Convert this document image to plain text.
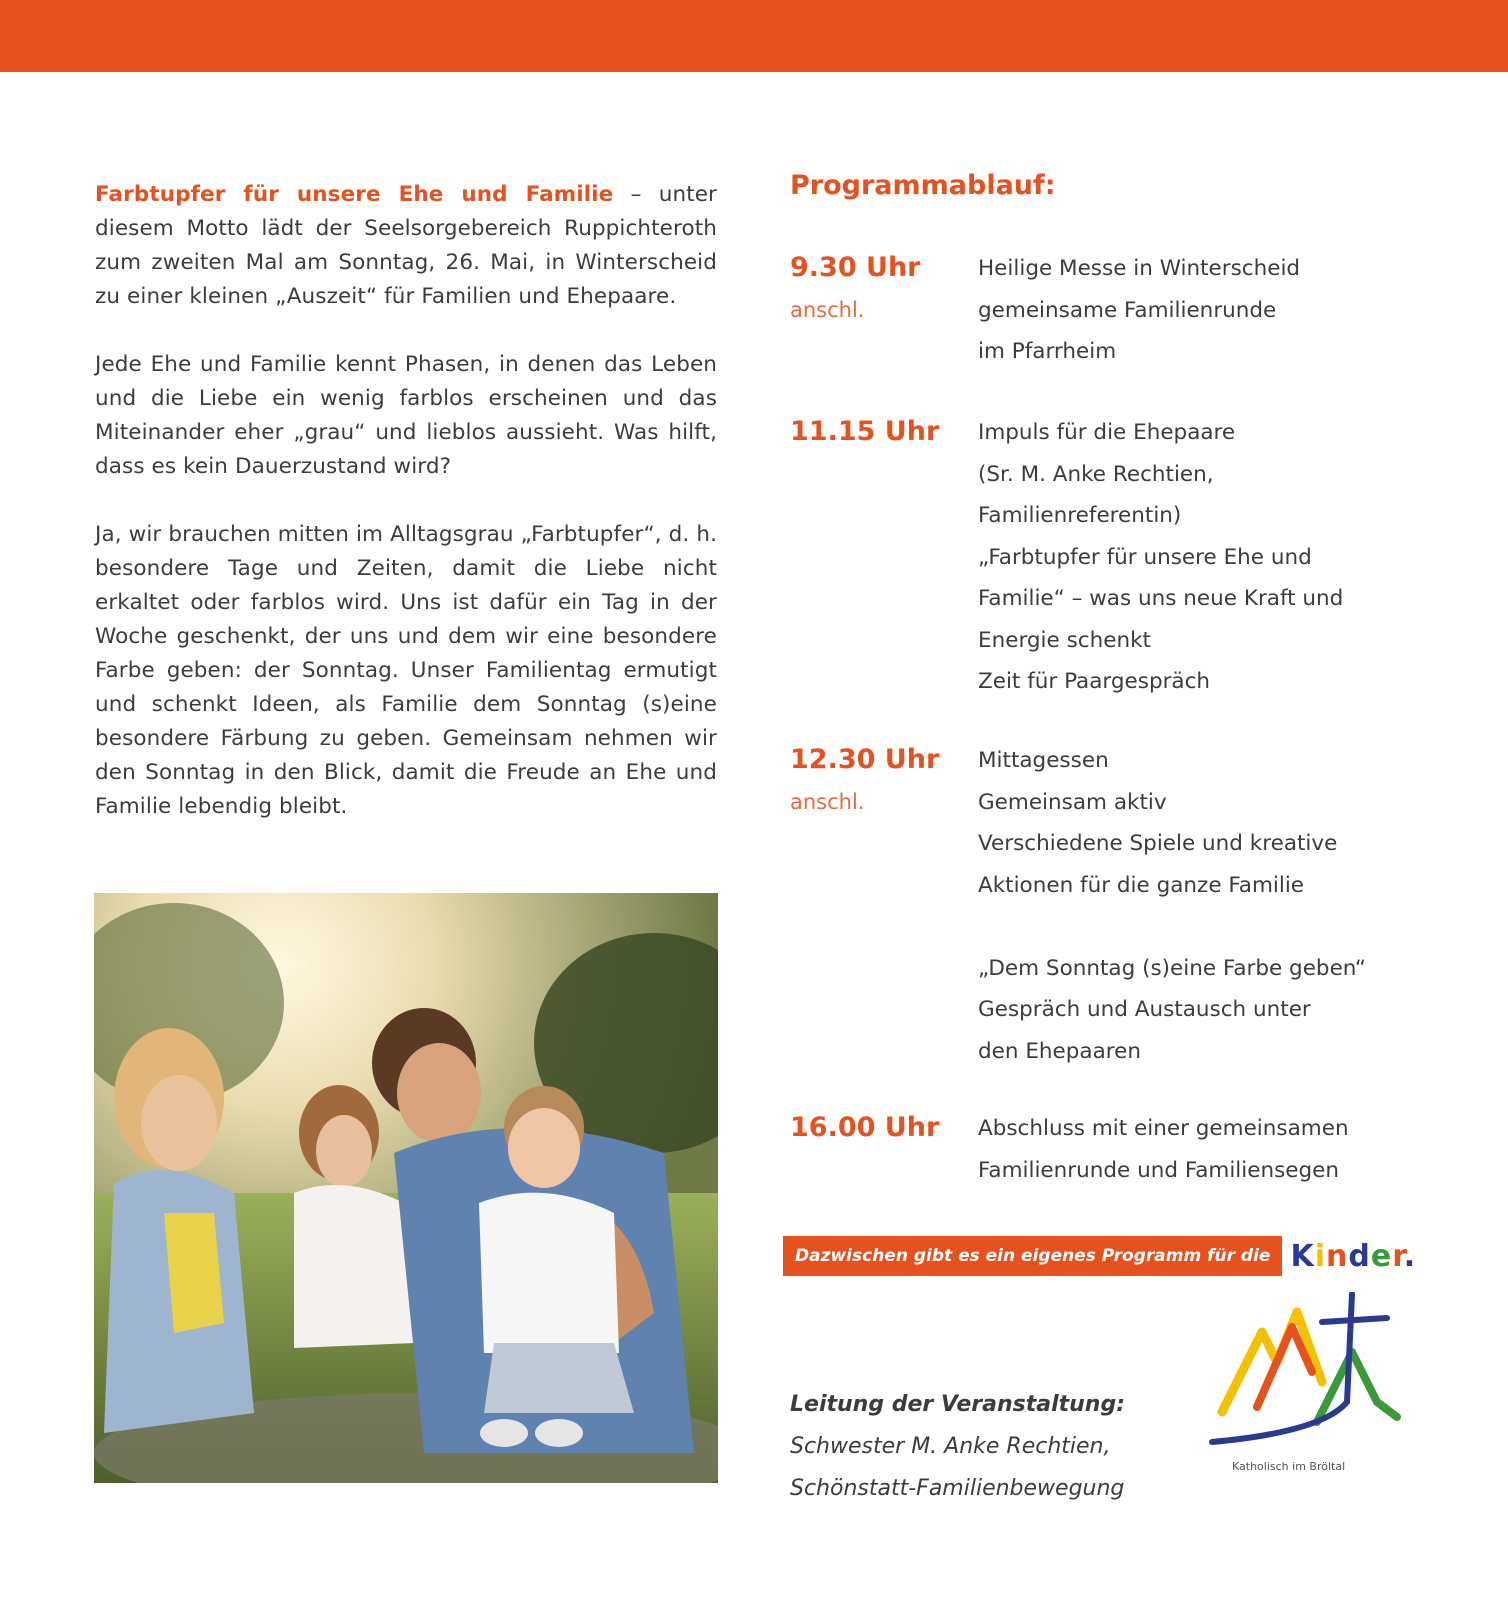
Farbtupfer für unsere Ehe und Familie – unter diesem Motto lädt der Seelsorgebereich Ruppichteroth zum zweiten Mal am Sonntag, 26. Mai, in Winterscheid zu einer kleinen „Auszeit“ für Familien und Ehepaare.

Jede Ehe und Familie kennt Phasen, in denen das Leben und die Liebe ein wenig farblos erscheinen und das Miteinander eher „grau“ und lieblos aussieht. Was hilft, dass es kein Dauerzustand wird?

Ja, wir brauchen mitten im Alltagsgrau „Farbtupfer“, d. h. besondere Tage und Zeiten, damit die Liebe nicht erkaltet oder farblos wird. Uns ist dafür ein Tag in der Woche geschenkt, der uns und dem wir eine besondere Farbe geben: der Sonntag. Unser Familientag ermutigt und schenkt Ideen, als Familie dem Sonntag (s)eine besondere Färbung zu geben. Gemeinsam nehmen wir den Sonntag in den Blick, damit die Freude an Ehe und Familie lebendig bleibt.

Programmablauf:
9.30 Uhr
anschl.
Heilige Messe in Winterscheid
gemeinsame Familienrunde
im Pfarrheim
11.15 Uhr Impuls für die Ehepaare
(Sr. M. Anke Rechtien,
Familienreferentin)
„Farbtupfer für unsere Ehe und
Familie“ – was uns neue Kraft und
Energie schenkt
Zeit für Paargespräch
12.30 Uhr
anschl.
Mittagessen
Gemeinsam aktiv
Verschiedene Spiele und kreative
Aktionen für die ganze Familie
„Dem Sonntag (s)eine Farbe geben“
Gespräch und Austausch unter
den Ehepaaren
16.00 Uhr Abschluss mit einer gemeinsamen
Familienrunde und Familiensegen
Dazwischen gibt es ein eigenes Programm für die Kinder.
Leitung der Veranstaltung:
Schwester M. Anke Rechtien,
Schönstatt-Familienbewegung
Katholisch im Bröltal
